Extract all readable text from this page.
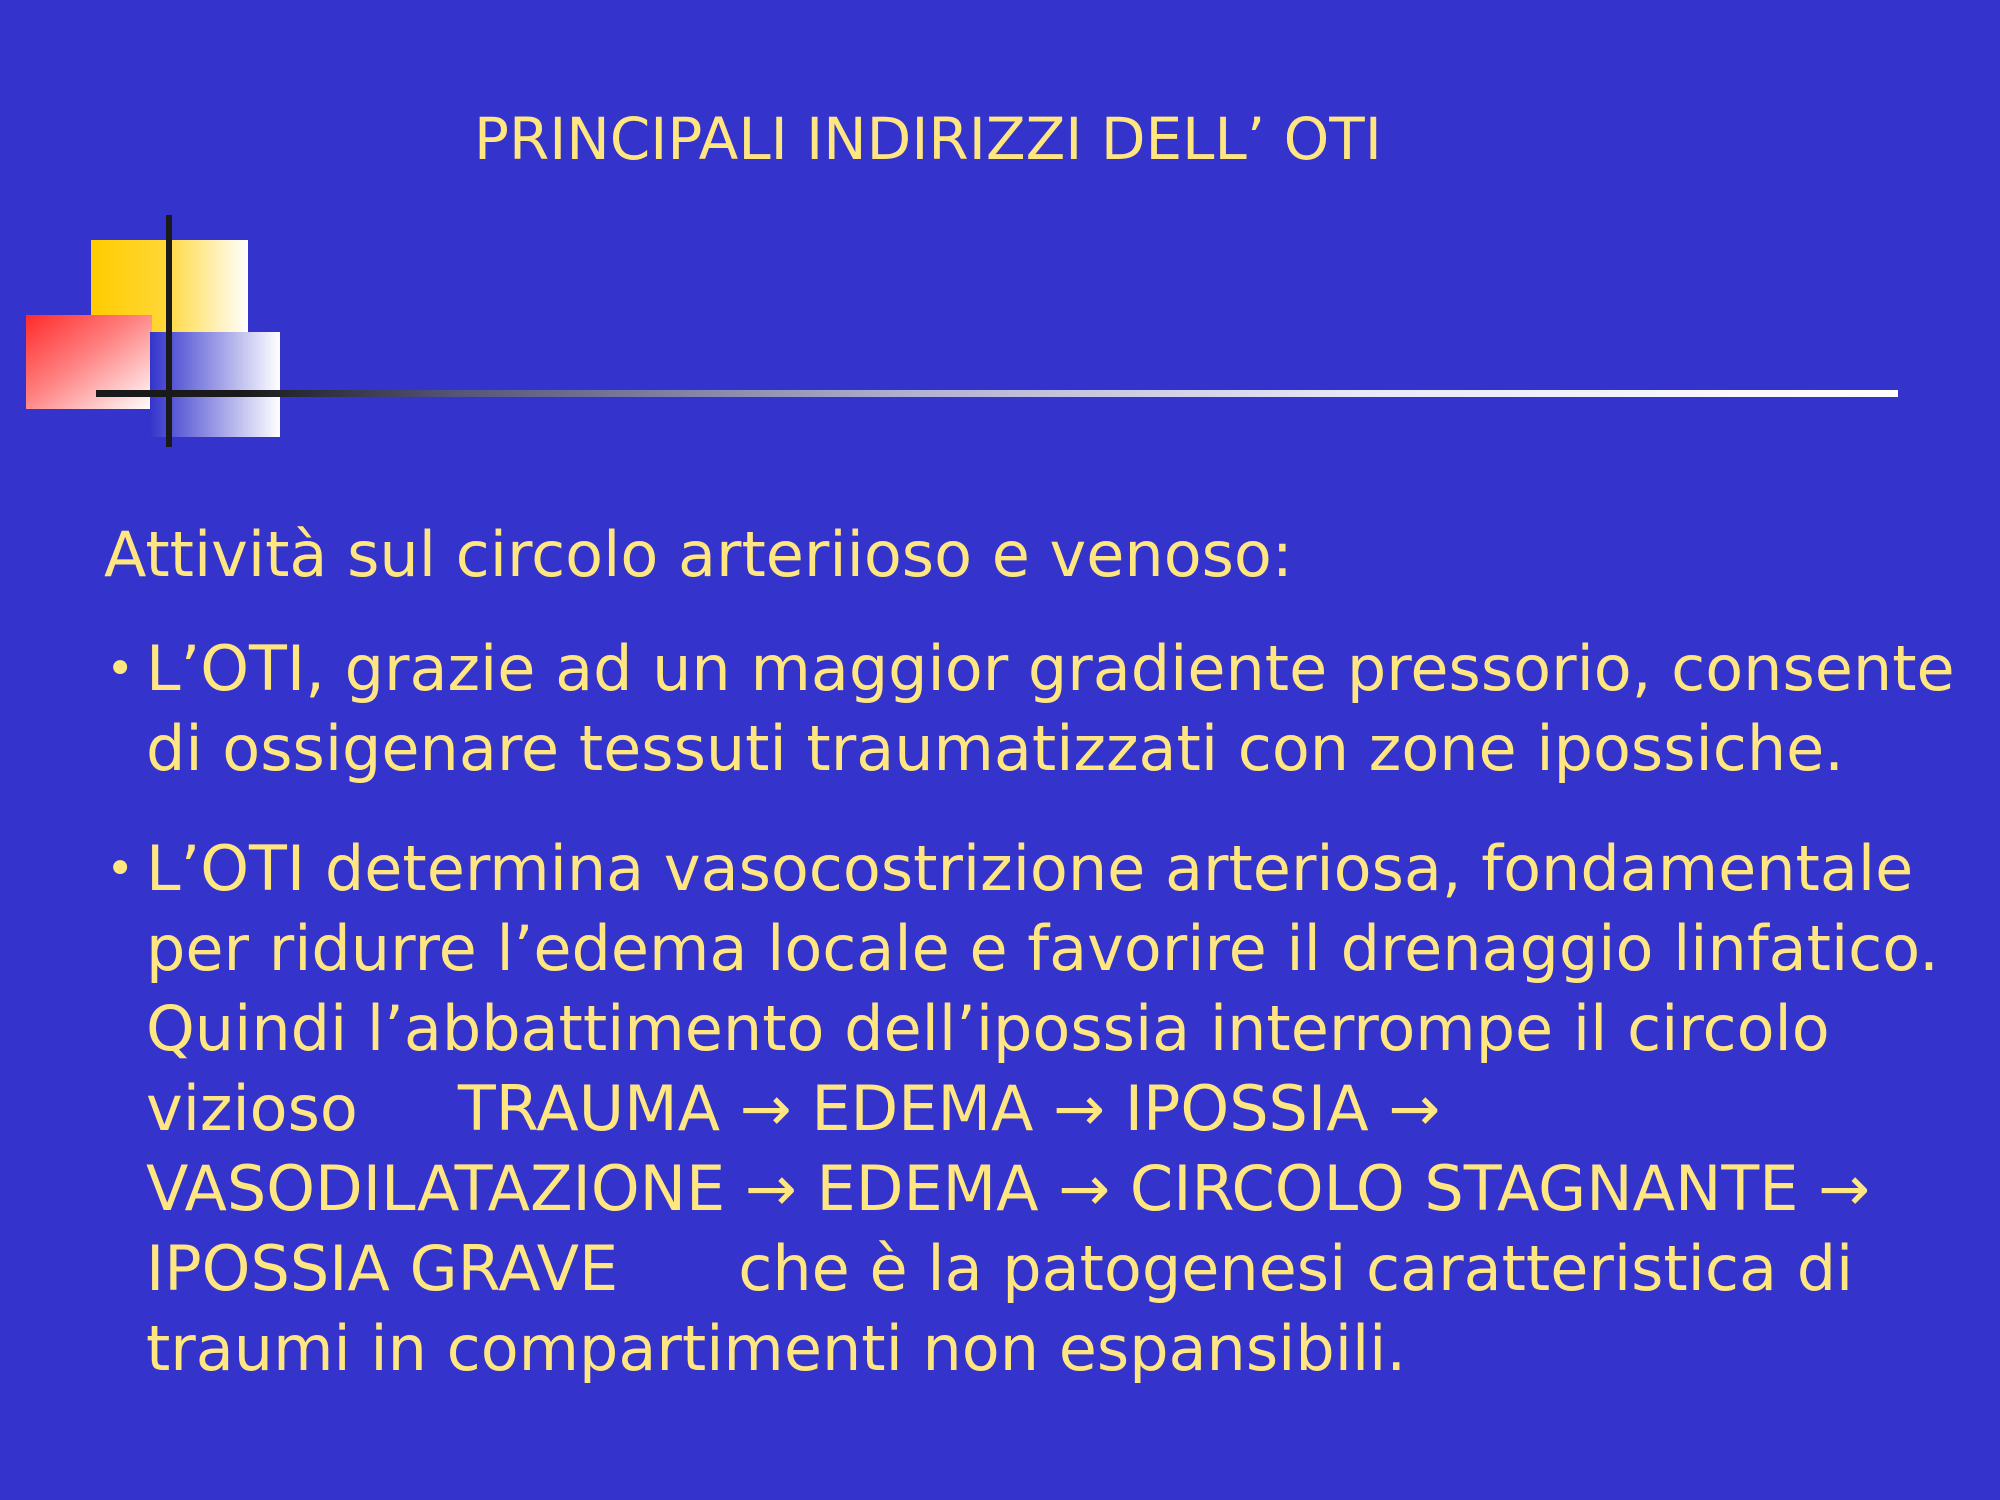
PRINCIPALI INDIRIZZI DELL’ OTI
Attività sul circolo arteriioso e venoso:
• L’OTI, grazie ad un maggior gradiente pressorio, consente
di ossigenare tessuti traumatizzati con zone ipossiche.
• L’OTI determina vasocostrizione arteriosa, fondamentale
per ridurre l’edema locale e favorire il drenaggio linfatico.
Quindi l’abbattimento dell’ipossia interrompe il circolo
vizioso TRAUMA → EDEMA → IPOSSIA →
VASODILATAZIONE → EDEMA → CIRCOLO STAGNANTE →
IPOSSIA GRAVE che è la patogenesi caratteristica di
traumi in compartimenti non espansibili.
